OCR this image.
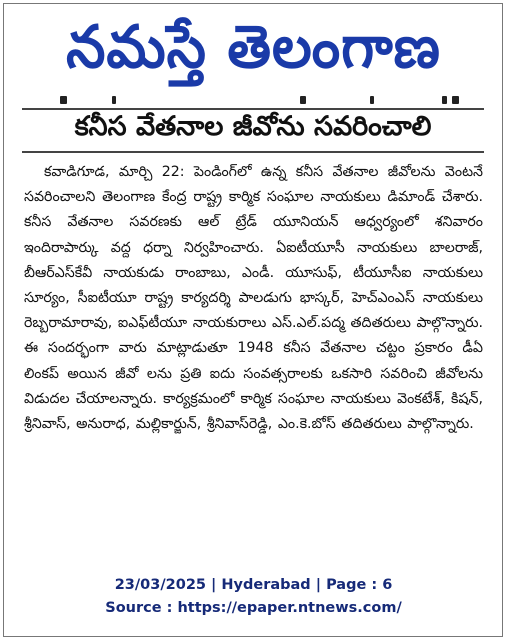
నమస్తే తెలంగాణ
కనీస వేతనాల జీవోను సవరించాలి

కవాడిగూడ, మార్చి 22: పెండింగ్‌లో ఉన్న కనీస వేతనాల జీవోలను వెంటనే సవరించాలని తెలంగాణ కేంద్ర రాష్ట్ర కార్మిక సంఘాల నాయకులు డిమాండ్ చేశారు. కనీస వేతనాల సవరణకు ఆల్ ట్రేడ్ యూనియన్ ఆధ్వర్యంలో శనివారం ఇందిరాపార్కు వద్ద ధర్నా నిర్వహించారు. ఏఐటీయూసీ నాయకులు బాలరాజ్, బీఆర్‌ఎస్‌కేవీ నాయకుడు రాంబాబు, ఎండీ. యూసుఫ్, టీయూసీఐ నాయకులు సూర్యం, సీఐటీయూ రాష్ట్ర కార్యదర్శి పాలడుగు భాస్కర్, హెచ్‌ఎంఎస్ నాయకులు రెబ్బరామారావు, ఐఎఫ్‌టీయూ నాయకురాలు ఎస్.ఎల్.పద్మ తదితరులు పాల్గొన్నారు. ఈ సందర్భంగా వారు మాట్లాడుతూ 1948 కనీస వేతనాల చట్టం ప్రకారం డీఏ లింకప్ అయిన జీవో లను ప్రతి ఐదు సంవత్సరాలకు ఒకసారి సవరించి జీవోలను విడుదల చేయాలన్నారు. కార్యక్రమంలో కార్మిక సంఘాల నాయకులు వెంకటేశ్, కిషన్, శ్రీనివాస్, అనురాధ, మల్లికార్జున్, శ్రీనివాస్‌రెడ్డి, ఎం.కె.బోస్ తదితరులు పాల్గొన్నారు.

23/03/2025 | Hyderabad | Page : 6
Source : https://epaper.ntnews.com/
